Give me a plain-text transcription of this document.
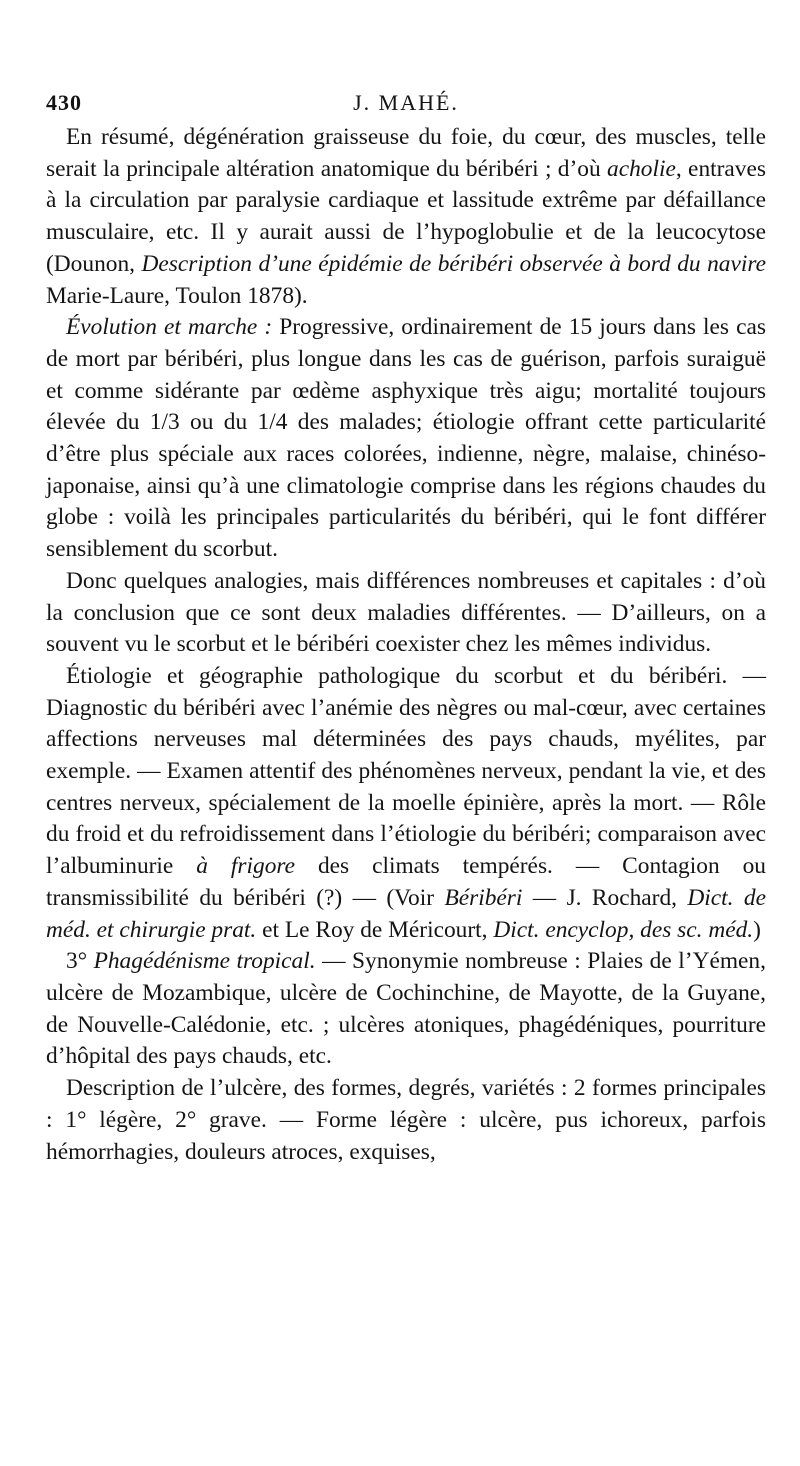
430	J. MAHÉ.

En résumé, dégénération graisseuse du foie, du cœur, des muscles, telle serait la principale altération anatomique du béribéri ; d’où acholie, entraves à la circulation par paralysie cardiaque et lassitude extrême par défaillance musculaire, etc. Il y aurait aussi de l’hypoglobulie et de la leucocytose (Dounon, Description d’une épidémie de béribéri observée à bord du navire Marie-Laure, Toulon 1878).

Évolution et marche : Progressive, ordinairement de 15 jours dans les cas de mort par béribéri, plus longue dans les cas de guérison, parfois suraiguë et comme sidérante par œdème asphyxique très aigu; mortalité toujours élevée du 1/3 ou du 1/4 des malades; étiologie offrant cette particularité d’être plus spéciale aux races colorées, indienne, nègre, malaise, chinéso-japonaise, ainsi qu’à une climatologie comprise dans les régions chaudes du globe : voilà les principales particularités du béribéri, qui le font différer sensiblement du scorbut.

Donc quelques analogies, mais différences nombreuses et capitales : d’où la conclusion que ce sont deux maladies différentes. — D’ailleurs, on a souvent vu le scorbut et le béribéri coexister chez les mêmes individus.

Étiologie et géographie pathologique du scorbut et du béribéri. — Diagnostic du béribéri avec l’anémie des nègres ou mal-cœur, avec certaines affections nerveuses mal déterminées des pays chauds, myélites, par exemple. — Examen attentif des phénomènes nerveux, pendant la vie, et des centres nerveux, spécialement de la moelle épinière, après la mort. — Rôle du froid et du refroidissement dans l’étiologie du béribéri; comparaison avec l’albuminurie à frigore des climats tempérés. — Contagion ou transmissibilité du béribéri (?) — (Voir Béribéri — J. Rochard, Dict. de méd. et chirurgie prat. et Le Roy de Méricourt, Dict. encyclop, des sc. méd.)

3° Phagédénisme tropical. — Synonymie nombreuse : Plaies de l’Yémen, ulcère de Mozambique, ulcère de Cochinchine, de Mayotte, de la Guyane, de Nouvelle-Calédonie, etc. ; ulcères atoniques, phagédéniques, pourriture d’hôpital des pays chauds, etc.

Description de l’ulcère, des formes, degrés, variétés : 2 formes principales : 1° légère, 2° grave. — Forme légère : ulcère, pus ichoreux, parfois hémorrhagies, douleurs atroces, exquises,
